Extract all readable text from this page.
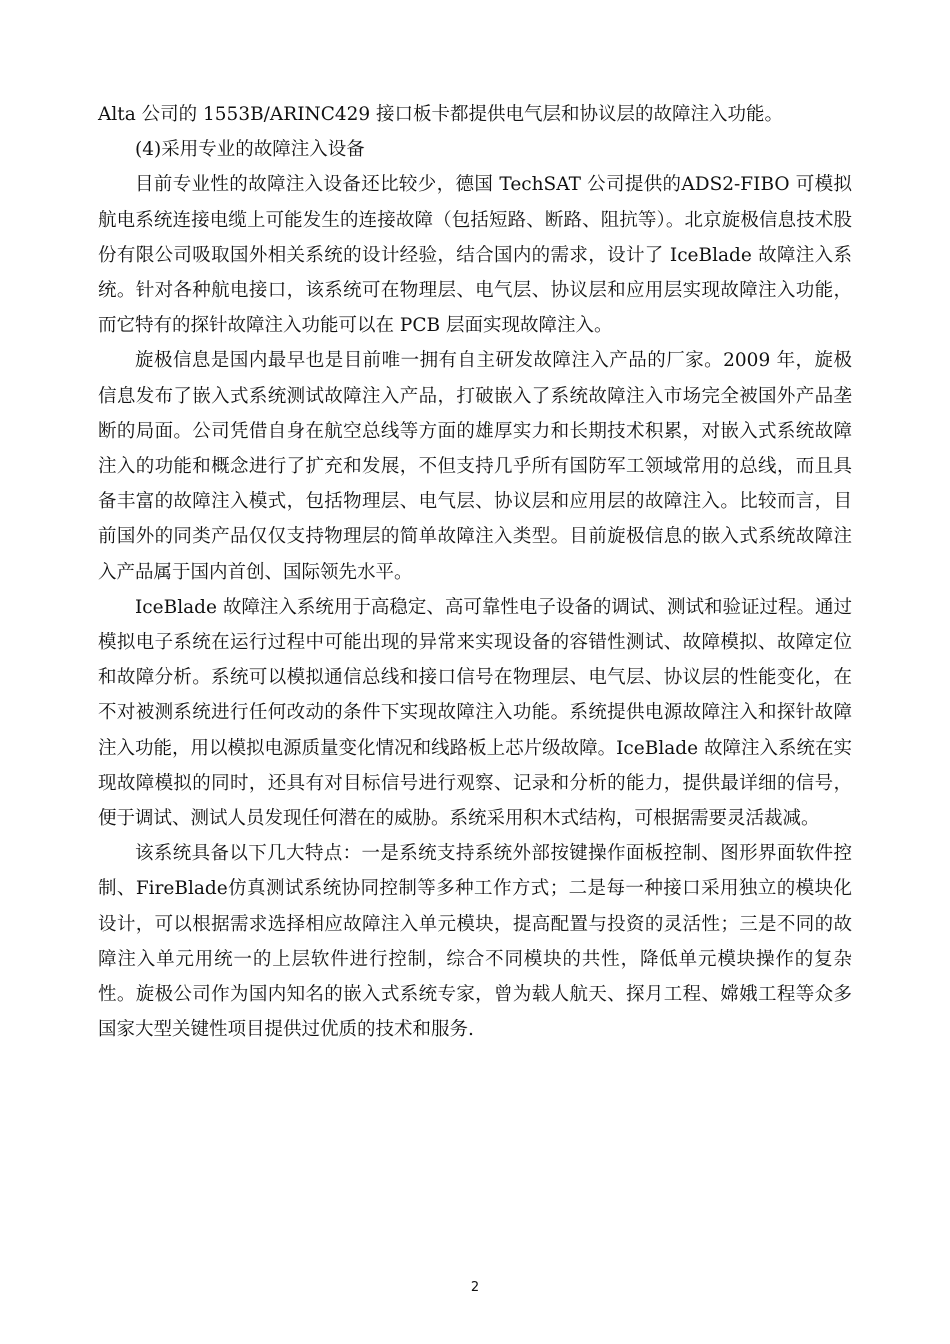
Alta 公司的 1553B/ARINC429 接口板卡都提供电气层和协议层的故障注入功能。

(4)采用专业的故障注入设备

目前专业性的故障注入设备还比较少，德国 TechSAT 公司提供的ADS2-FIBO 可模拟航电系统连接电缆上可能发生的连接故障（包括短路、断路、阻抗等）。北京旋极信息技术股份有限公司吸取国外相关系统的设计经验，结合国内的需求，设计了 IceBlade 故障注入系统。针对各种航电接口，该系统可在物理层、电气层、协议层和应用层实现故障注入功能，而它特有的探针故障注入功能可以在 PCB 层面实现故障注入。

旋极信息是国内最早也是目前唯一拥有自主研发故障注入产品的厂家。2009 年，旋极信息发布了嵌入式系统测试故障注入产品，打破嵌入了系统故障注入市场完全被国外产品垄断的局面。公司凭借自身在航空总线等方面的雄厚实力和长期技术积累，对嵌入式系统故障注入的功能和概念进行了扩充和发展，不但支持几乎所有国防军工领域常用的总线，而且具备丰富的故障注入模式，包括物理层、电气层、协议层和应用层的故障注入。比较而言，目前国外的同类产品仅仅支持物理层的简单故障注入类型。目前旋极信息的嵌入式系统故障注入产品属于国内首创、国际领先水平。

IceBlade 故障注入系统用于高稳定、高可靠性电子设备的调试、测试和验证过程。通过模拟电子系统在运行过程中可能出现的异常来实现设备的容错性测试、故障模拟、故障定位和故障分析。系统可以模拟通信总线和接口信号在物理层、电气层、协议层的性能变化，在不对被测系统进行任何改动的条件下实现故障注入功能。系统提供电源故障注入和探针故障注入功能，用以模拟电源质量变化情况和线路板上芯片级故障。IceBlade 故障注入系统在实现故障模拟的同时，还具有对目标信号进行观察、记录和分析的能力，提供最详细的信号，便于调试、测试人员发现任何潜在的威胁。系统采用积木式结构，可根据需要灵活裁减。

该系统具备以下几大特点：一是系统支持系统外部按键操作面板控制、图形界面软件控制、FireBlade仿真测试系统协同控制等多种工作方式；二是每一种接口采用独立的模块化设计，可以根据需求选择相应故障注入单元模块，提高配置与投资的灵活性；三是不同的故障注入单元用统一的上层软件进行控制，综合不同模块的共性，降低单元模块操作的复杂性。旋极公司作为国内知名的嵌入式系统专家，曾为载人航天、探月工程、嫦娥工程等众多国家大型关键性项目提供过优质的技术和服务.

2
